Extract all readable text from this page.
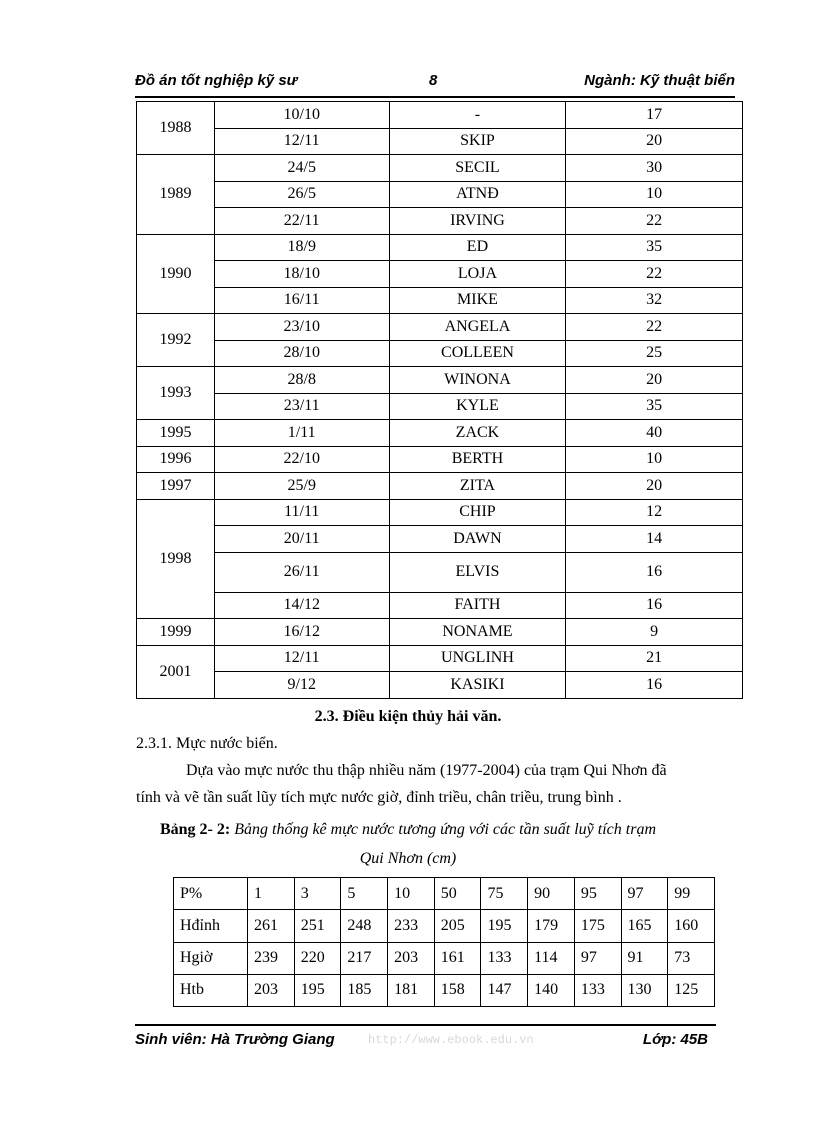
Đồ án tốt nghiệp kỹ sư	8	Ngành: Kỹ thuật biển
1988	10/10	-	17
	12/11	SKIP	20
1989	24/5	SECIL	30
	26/5	ATNĐ	10
	22/11	IRVING	22
1990	18/9	ED	35
	18/10	LOJA	22
	16/11	MIKE	32
1992	23/10	ANGELA	22
	28/10	COLLEEN	25
1993	28/8	WINONA	20
	23/11	KYLE	35
1995	1/11	ZACK	40
1996	22/10	BERTH	10
1997	25/9	ZITA	20
1998	11/11	CHIP	12
	20/11	DAWN	14
	26/11	ELVIS	16
	14/12	FAITH	16
1999	16/12	NONAME	9
2001	12/11	UNGLINH	21
	9/12	KASIKI	16
2.3. Điều kiện thủy hải văn.
2.3.1. Mực nước biển.
Dựa vào mực nước thu thập nhiều năm (1977-2004) của trạm Qui Nhơn đã
tính và vẽ tần suất lũy tích mực nước giờ, đỉnh triều, chân triều, trung bình .
Bảng 2- 2: Bảng thống kê mực nước tương ứng với các tần suất luỹ tích trạm
Qui Nhơn (cm)
P%	1	3	5	10	50	75	90	95	97	99
Hđỉnh	261	251	248	233	205	195	179	175	165	160
Hgiờ	239	220	217	203	161	133	114	97	91	73
Htb	203	195	185	181	158	147	140	133	130	125
Sinh viên: Hà Trường Giang	http://www.ebook.edu.vn	Lớp: 45B
